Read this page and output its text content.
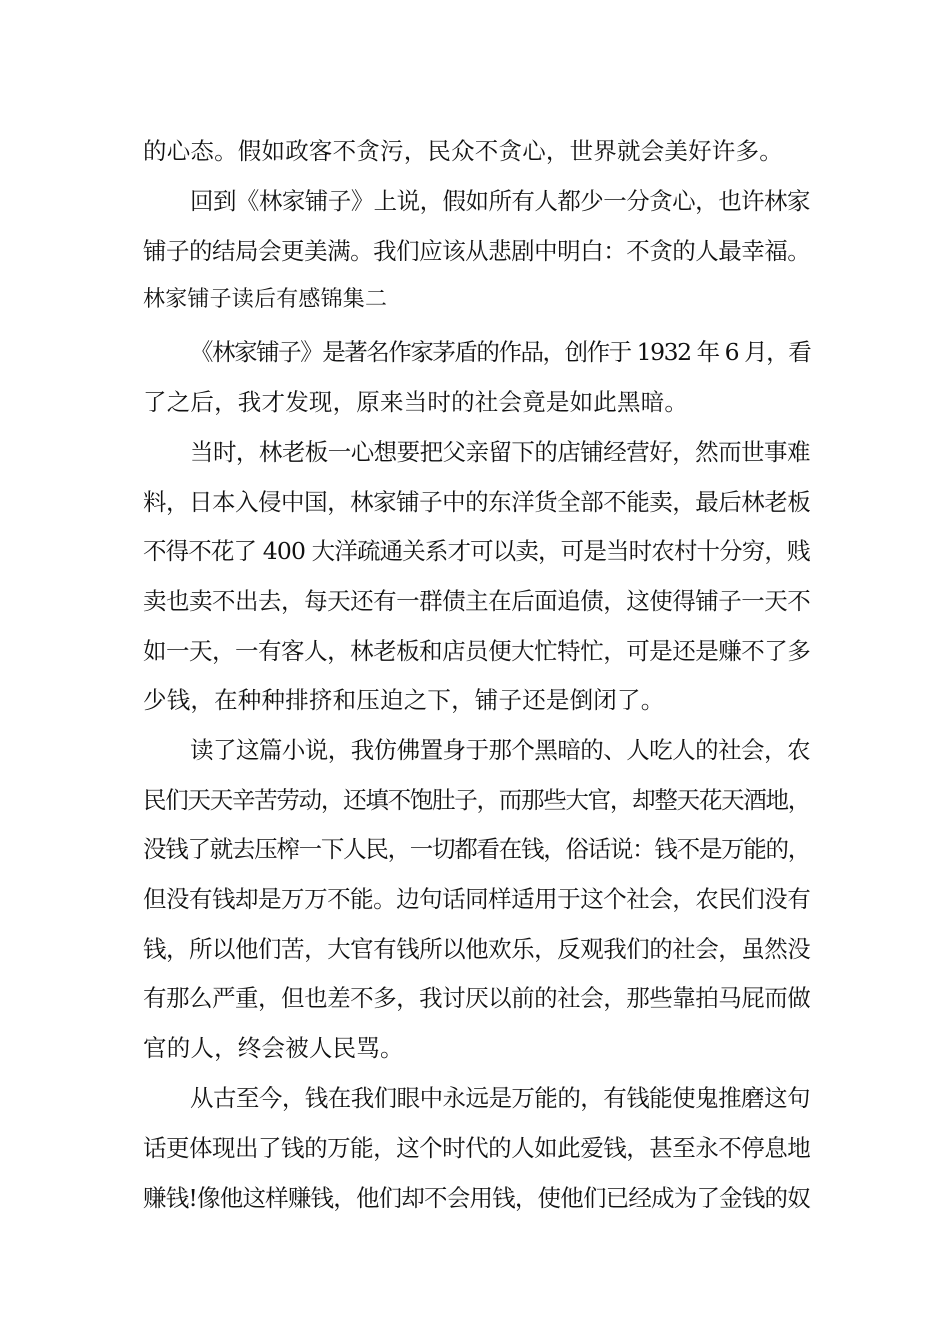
的心态。假如政客不贪污，民众不贪心，世界就会美好许多。
回到《林家铺子》上说，假如所有人都少一分贪心，也许林家
铺子的结局会更美满。我们应该从悲剧中明白：不贪的人最幸福。
林家铺子读后有感锦集二
《林家铺子》是著名作家茅盾的作品，创作于 1932 年 6 月，看
了之后，我才发现，原来当时的社会竟是如此黑暗。
当时，林老板一心想要把父亲留下的店铺经营好，然而世事难
料，日本入侵中国，林家铺子中的东洋货全部不能卖，最后林老板
不得不花了 400 大洋疏通关系才可以卖，可是当时农村十分穷，贱
卖也卖不出去，每天还有一群债主在后面追债，这使得铺子一天不
如一天，一有客人，林老板和店员便大忙特忙，可是还是赚不了多
少钱，在种种排挤和压迫之下，铺子还是倒闭了。
读了这篇小说，我仿佛置身于那个黑暗的、人吃人的社会，农
民们天天辛苦劳动，还填不饱肚子，而那些大官，却整天花天酒地，
没钱了就去压榨一下人民，一切都看在钱，俗话说：钱不是万能的，
但没有钱却是万万不能。边句话同样适用于这个社会，农民们没有
钱，所以他们苦，大官有钱所以他欢乐，反观我们的社会，虽然没
有那么严重，但也差不多，我讨厌以前的社会，那些靠拍马屁而做
官的人，终会被人民骂。
从古至今，钱在我们眼中永远是万能的，有钱能使鬼推磨这句
话更体现出了钱的万能，这个时代的人如此爱钱，甚至永不停息地
赚钱!像他这样赚钱，他们却不会用钱，使他们已经成为了金钱的奴
